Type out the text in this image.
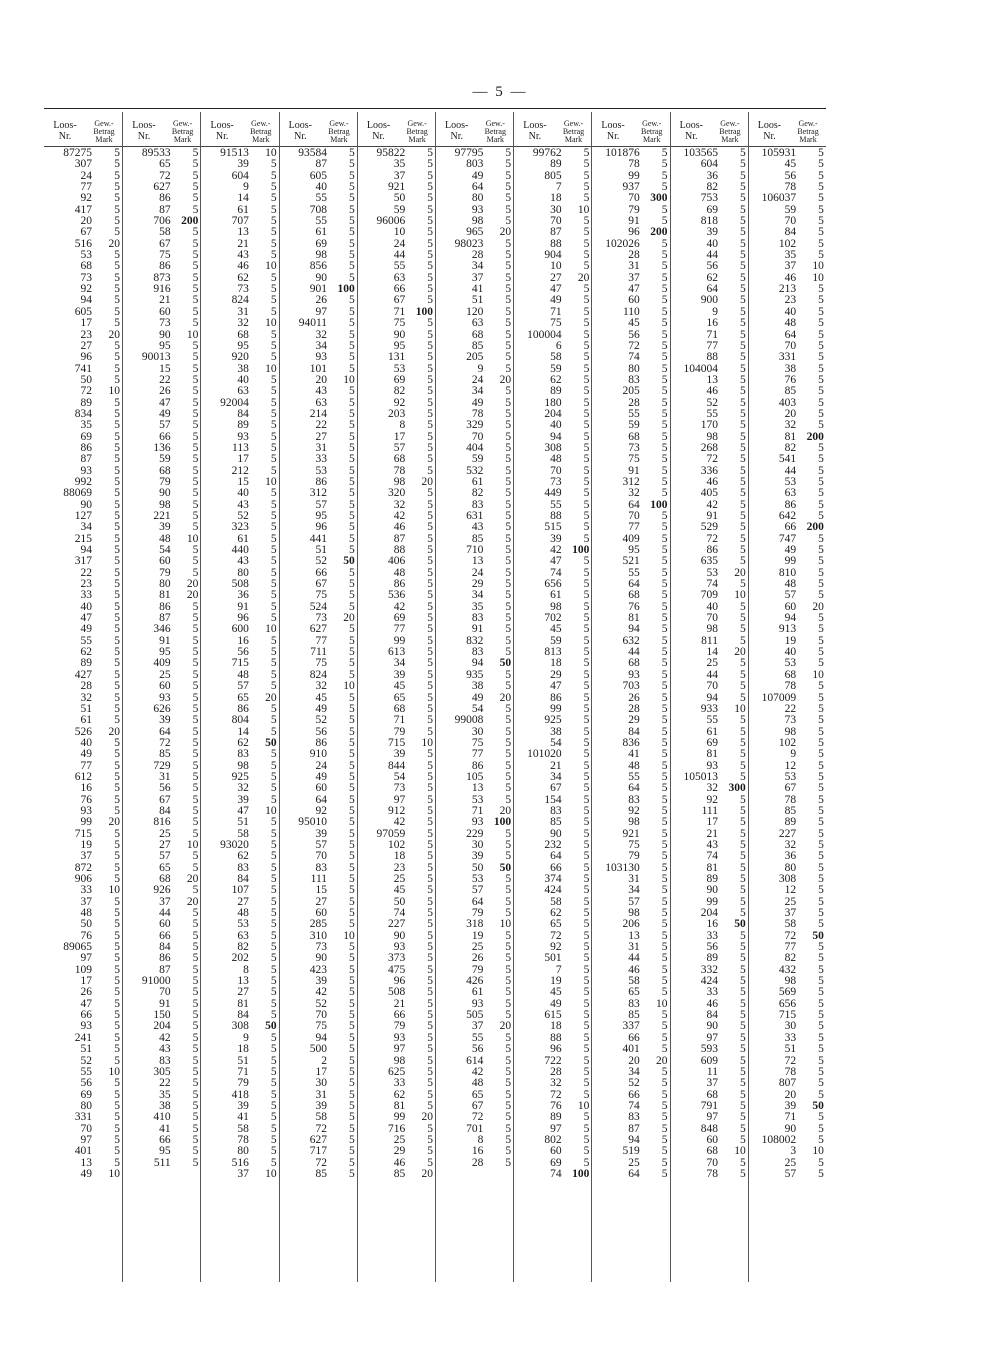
— 5 —
Loos-
Nr.
Gew.-
Betrag
Mark
87275	5
307	5
24	5
77	5
92	5
417	5
20	5
67	5
516	20
53	5
68	5
73	5
92	5
94	5
605	5
17	5
23	20
27	5
96	5
741	5
50	5
72	10
89	5
834	5
35	5
69	5
86	5
87	5
93	5
992	5
88069	5
90	5
127	5
34	5
215	5
94	5
317	5
22	5
23	5
33	5
40	5
47	5
49	5
55	5
62	5
89	5
427	5
28	5
32	5
51	5
61	5
526	20
40	5
49	5
77	5
612	5
16	5
76	5
93	5
99	20
715	5
19	5
37	5
872	5
906	5
33	10
37	5
48	5
50	5
76	5
89065	5
97	5
109	5
17	5
26	5
47	5
66	5
93	5
241	5
51	5
52	5
55	10
56	5
69	5
80	5
331	5
70	5
97	5
401	5
13	5
49	10
Loos-
Nr.
Gew.-
Betrag
Mark
89533	5
65	5
72	5
627	5
86	5
87	5
706 200
58	5
67	5
75	5
86	5
873	5
916	5
21	5
60	5
73	5
90	10
95	5
90013	5
15	5
22	5
26	5
47	5
49	5
57	5
66	5
136	5
59	5
68	5
79	5
90	5
98	5
221	5
39	5
48	10
54	5
60	5
79	5
80	20
81	20
86	5
87	5
346	5
91	5
95	5
409	5
25	5
60	5
93	5
626	5
39	5
64	5
72	5
85	5
729	5
31	5
56	5
67	5
84	5
816	5
25	5
27	10
57	5
65	5
68	20
926	5
37	20
44	5
60	5
66	5
84	5
86	5
87	5
91000	5
70	5
91	5
150	5
204	5
42	5
43	5
83	5
305	5
22	5
35	5
38	5
410	5
41	5
66	5
95	5
511	5
Loos-
Nr.
Gew.-
Betrag
Mark
91513	10
39	5
604	5
9	5
14	5
61	5
707	5
13	5
21	5
43	5
46	10
62	5
73	5
824	5
31	5
32	10
68	5
95	5
920	5
38	10
40	5
63	5
92004	5
84	5
89	5
93	5
113	5
17	5
212	5
15	10
40	5
43	5
52	5
323	5
61	5
440	5
43	5
80	5
508	5
36	5
91	5
96	5
600	10
16	5
56	5
715	5
48	5
57	5
65	20
86	5
804	5
14	5
62	50
83	5
98	5
925	5
32	5
39	5
47	10
51	5
58	5
93020	5
62	5
83	5
84	5
107	5
27	5
48	5
53	5
63	5
82	5
202	5
8	5
13	5
27	5
81	5
84	5
308	50
9	5
18	5
51	5
71	5
79	5
418	5
39	5
41	5
58	5
78	5
80	5
516	5
37	10
Loos-
Nr.
Gew.-
Betrag
Mark
93584	5
87	5
605	5
40	5
55	5
708	5
55	5
61	5
69	5
98	5
856	5
90	5
901 100
26	5
97	5
94011	5
32	5
34	5
93	5
101	5
20	10
43	5
63	5
214	5
22	5
27	5
31	5
33	5
53	5
86	5
312	5
57	5
95	5
96	5
441	5
51	5
52	50
66	5
67	5
75	5
524	5
73	20
627	5
77	5
711	5
75	5
824	5
32	10
45	5
49	5
52	5
56	5
86	5
910	5
24	5
49	5
60	5
64	5
92	5
95010	5
39	5
57	5
70	5
83	5
111	5
15	5
27	5
60	5
285	5
310	10
73	5
90	5
423	5
39	5
42	5
52	5
70	5
75	5
94	5
500	5
2	5
17	5
30	5
31	5
39	5
58	5
72	5
627	5
717	5
72	5
85	5
Loos-
Nr.
Gew.-
Betrag
Mark
95822	5
35	5
37	5
921	5
50	5
59	5
96006	5
10	5
24	5
44	5
55	5
63	5
66	5
67	5
71 100
75	5
90	5
95	5
131	5
53	5
69	5
82	5
92	5
203	5
8	5
17	5
57	5
68	5
78	5
98	20
320	5
32	5
42	5
46	5
87	5
88	5
406	5
48	5
86	5
536	5
42	5
69	5
77	5
99	5
613	5
34	5
39	5
45	5
65	5
68	5
71	5
79	5
715	10
39	5
844	5
54	5
73	5
97	5
912	5
42	5
97059	5
102	5
18	5
23	5
25	5
45	5
50	5
74	5
227	5
90	5
93	5
373	5
475	5
96	5
508	5
21	5
66	5
79	5
93	5
97	5
98	5
625	5
33	5
62	5
81	5
99	20
716	5
25	5
29	5
46	5
85	20
Loos-
Nr.
Gew.-
Betrag
Mark
97795	5
803	5
49	5
64	5
80	5
93	5
98	5
965	20
98023	5
28	5
34	5
37	5
41	5
51	5
120	5
63	5
68	5
85	5
205	5
9	5
24	20
34	5
49	5
78	5
329	5
70	5
404	5
59	5
532	5
61	5
82	5
83	5
631	5
43	5
85	5
710	5
13	5
24	5
29	5
34	5
35	5
83	5
91	5
832	5
83	5
94	50
935	5
38	5
49	20
54	5
99008	5
30	5
75	5
77	5
86	5
105	5
13	5
53	5
71	20
93 100
229	5
30	5
39	5
50	50
53	5
57	5
64	5
79	5
318	10
19	5
25	5
26	5
79	5
426	5
61	5
93	5
505	5
37	20
55	5
56	5
614	5
42	5
48	5
65	5
67	5
72	5
701	5
8	5
16	5
28	5
Loos-
Nr.
Gew.-
Betrag
Mark
99762	5
89	5
805	5
7	5
18	5
30	10
70	5
87	5
88	5
904	5
10	5
27	20
47	5
49	5
71	5
75	5
100004	5
6	5
58	5
59	5
62	5
89	5
180	5
204	5
40	5
94	5
308	5
48	5
70	5
73	5
449	5
55	5
88	5
515	5
39	5
42 100
47	5
74	5
656	5
61	5
98	5
702	5
45	5
59	5
813	5
18	5
29	5
47	5
86	5
99	5
925	5
38	5
54	5
101020	5
21	5
34	5
67	5
154	5
83	5
85	5
90	5
232	5
64	5
66	5
374	5
424	5
58	5
62	5
65	5
72	5
92	5
501	5
7	5
19	5
45	5
49	5
615	5
18	5
88	5
96	5
722	5
28	5
32	5
72	5
76	10
89	5
97	5
802	5
60	5
69	5
74 100
Loos-
Nr.
Gew.-
Betrag
Mark
101876	5
78	5
99	5
937	5
70 300
79	5
91	5
96 200
102026	5
28	5
31	5
37	5
47	5
60	5
110	5
45	5
56	5
72	5
74	5
80	5
83	5
205	5
28	5
55	5
59	5
68	5
73	5
75	5
91	5
312	5
32	5
64 100
70	5
77	5
409	5
95	5
521	5
55	5
64	5
68	5
76	5
81	5
94	5
632	5
44	5
68	5
93	5
703	5
26	5
28	5
29	5
84	5
836	5
41	5
48	5
55	5
64	5
83	5
92	5
98	5
921	5
75	5
79	5
103130	5
31	5
34	5
57	5
98	5
206	5
13	5
31	5
44	5
46	5
58	5
65	5
83	10
85	5
337	5
66	5
401	5
20	20
34	5
52	5
66	5
74	5
83	5
87	5
94	5
519	5
25	5
64	5
Loos-
Nr.
Gew.-
Betrag
Mark
103565	5
604	5
36	5
82	5
753	5
69	5
818	5
39	5
40	5
44	5
56	5
62	5
64	5
900	5
9	5
16	5
71	5
77	5
88	5
104004	5
13	5
46	5
52	5
55	5
170	5
98	5
268	5
72	5
336	5
46	5
405	5
42	5
91	5
529	5
72	5
86	5
635	5
53	20
74	5
709	10
40	5
70	5
98	5
811	5
14	20
25	5
44	5
70	5
94	5
933	10
55	5
61	5
69	5
81	5
93	5
105013	5
32 300
92	5
111	5
17	5
21	5
43	5
74	5
81	5
89	5
90	5
99	5
204	5
16	50
33	5
56	5
89	5
332	5
424	5
33	5
46	5
84	5
90	5
97	5
593	5
609	5
11	5
37	5
68	5
791	5
97	5
848	5
60	5
68	10
70	5
78	5
Loos-
Nr.
Gew.-
Betrag
Mark
105931	5
45	5
56	5
78	5
106037	5
59	5
70	5
84	5
102	5
35	5
37	10
46	10
213	5
23	5
40	5
48	5
64	5
70	5
331	5
38	5
76	5
85	5
403	5
20	5
32	5
81 200
82	5
541	5
44	5
53	5
63	5
86	5
642	5
66 200
747	5
49	5
99	5
810	5
48	5
57	5
60	20
94	5
913	5
19	5
40	5
53	5
68	10
78	5
107009	5
22	5
73	5
98	5
102	5
9	5
12	5
53	5
67	5
78	5
85	5
89	5
227	5
32	5
36	5
80	5
308	5
12	5
25	5
37	5
58	5
72	50
77	5
82	5
432	5
98	5
569	5
656	5
715	5
30	5
33	5
51	5
72	5
78	5
807	5
20	5
39	50
71	5
90	5
108002	5
3	10
25	5
57	5
